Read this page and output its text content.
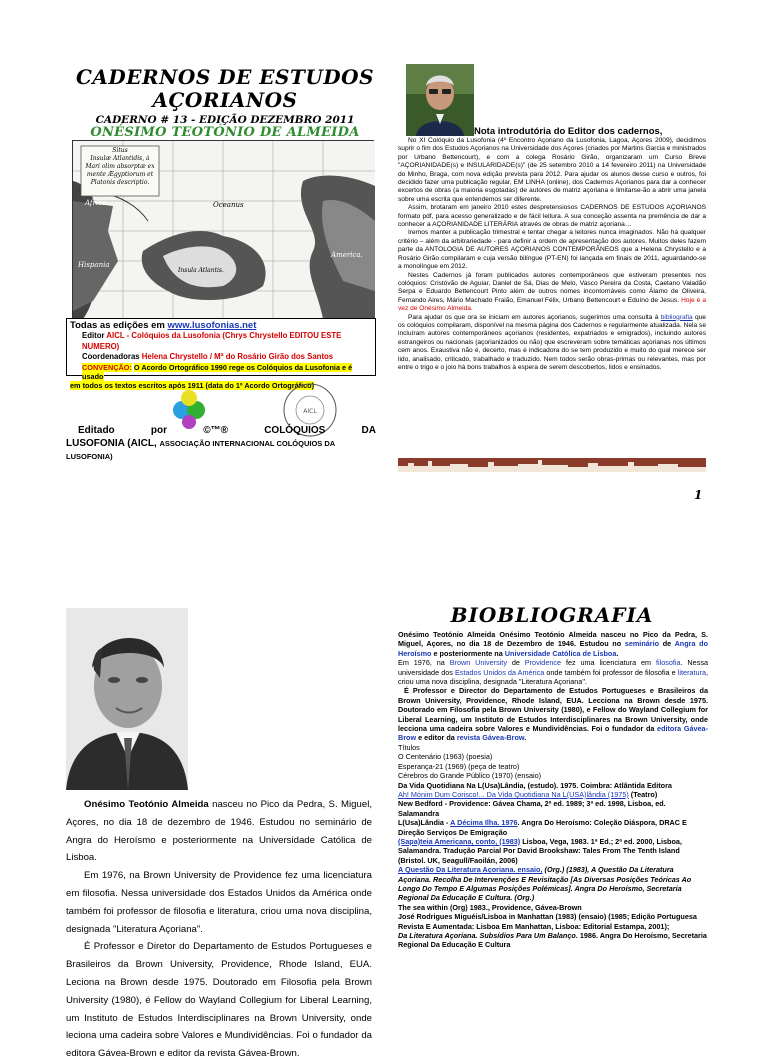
CADERNOS DE ESTUDOS
AÇORIANOS
CADERNO # 13 - EDIÇÃO DEZEMBRO 2011
ONÉSIMO TEOTÓNIO DE ALMEIDA
Situs
Insulæ Atlantidis, à
Mari olim absorptæ ex
mente Ægyptiorum et
Platonis descriptio.
Africa.
Hispania
Insula Atlantis.
Oceanus
America.
Todas as edições em www.lusofonias.net
Editor AICL - Colóquios da Lusofonia (Chrys Chrystello EDITOU ESTE NUMERO)
Coordenadoras Helena Chrystello / Mª do Rosário Girão dos Santos
CONVENÇÃO: O Acordo Ortográfico 1990 rege os Colóquios da Lusofonia e é usado
em todos os textos escritos após 1911 (data do 1º Acordo Ortográfico)
AICL
Editado	por	©™®	COLÓQUIOS	DA
LUSOFONIA (AICL, ASSOCIAÇÃO INTERNACIONAL COLÓQUIOS DA LUSOFONIA)
Nota introdutória do Editor dos cadernos,

No XI Colóquio da Lusofonia (4º Encontro Açoriano da Lusofonia, Lagoa, Açores 2009), decidimos suprir o fim dos Estudos Açorianos na Universidade dos Açores (criados por Martins Garcia e ministrados por Urbano Bettencourt), e com a colega Rosário Girão, organizaram um Curso Breve "AÇORIANIDADE(s) e INSULARIDADE(s)" (de 25 setembro 2010 a 14 fevereiro 2011) na Universidade do Minho, Braga, com nova edição prevista para 2012. Para ajudar os alunos desse curso e outros, foi decidido fazer uma publicação regular, EM LINHA (online), dos Cadernos Açorianos para dar a conhecer excertos de obras (a maioria esgotadas) de autores de matriz açoriana e limitarse-ão a abrir uma janela sobre uma escrita que entendemos ser diferente.

Assim, brotaram em janeiro 2010 estes despretensiosos CADERNOS DE ESTUDOS AÇORIANOS formato pdf, para acesso generalizado e de fácil leitura. A sua conceção assenta na premência de dar a conhecer a AÇORIANIDADE LITERÁRIA através de obras de matriz açoriana…

Iremos manter a publicação trimestral e tentar chegar a leitores nunca imaginados. Não há qualquer critério – além da arbitrariedade - para definir a ordem de apresentação dos autores. Muitos deles fazem parte da ANTOLOGIA DE AUTORES AÇORIANOS CONTEMPORÂNEOS que a Helena Chrystello e a Rosário Girão compilaram e cuja versão bilíngue (PT-EN) foi lançada em finais de 2011, aguardando-se a monolíngue em 2012.

Nestes Cadernos já foram publicados autores contemporâneos que estiveram presentes nos colóquios: Cristóvão de Aguiar, Daniel de Sá, Dias de Melo, Vasco Pereira da Costa, Caetano Valadão Serpa e Eduardo Bettencourt Pinto além de outros nomes incontornáveis como Álamo de Oliveira, Fernando Aires, Mário Machado Fraião, Emanuel Félix, Urbano Bettencourt e Eduíno de Jesus. Hoje é a vez de Onésimo Almeida.

Para ajudar os que ora se iniciam em autores açorianos, sugerimos uma consulta à bibliografia que os colóquios compilaram, disponível na mesma página dos Cadernos e regularmente atualizada. Nela se incluíram autores contemporâneos açorianos (residentes, expatriados e emigrados), incluindo autores estrangeiros ou nacionais (açorianizados ou não) que escreveram sobre temáticas açorianas nos últimos cem anos. Exaustiva não é, decerto, mas é indicadora do se tem produzido e muito do qual merece ser lido, analisado, criticado, trabalhado e traduzido. Nem todos serão obras-primas ou relevantes, mas por entre o trigo e o joio há bons trabalhos à espera de serem descobertos, lidos e ensinados.

1

Onésimo Teotónio Almeida nasceu no Pico da Pedra, S. Miguel, Açores, no dia 18 de dezembro de 1946. Estudou no seminário de Angra do Heroísmo e posteriormente na Universidade Católica de Lisboa.

Em 1976, na Brown University de Providence fez uma licenciatura em filosofia. Nessa universidade dos Estados Unidos da América onde também foi professor de filosofia e literatura, criou uma nova disciplina, designada "Literatura Açoriana".

É Professor e Diretor do Departamento de Estudos Portugueses e Brasileiros da Brown University, Providence, Rhode Island, EUA. Leciona na Brown desde 1975. Doutorado em Filosofia pela Brown University (1980), é Fellow do Wayland Collegium for Liberal Learning, um Instituto de Estudos Interdisciplinares na Brown University, onde leciona uma cadeira sobre Valores e Mundividências. Foi o fundador da editora Gávea-Brown e editor da revista Gávea-Brown.

BIOBLIOGRAFIA
Onésimo Teotónio Almeida Onésimo Teotónio Almeida nasceu no Pico da Pedra, S. Miguel, Açores, no dia 18 de Dezembro de 1946. Estudou no seminário de Angra do Heroísmo e posteriormente na Universidade Católica de Lisboa.
Em 1976, na Brown University de Providence fez uma licenciatura em filosofia. Nessa universidade dos Estados Unidos da América onde também foi professor de filosofia e literatura, criou uma nova disciplina, designada "Literatura Açoriana".
É Professor e Director do Departamento de Estudos Portugueses e Brasileiros da Brown University, Providence, Rhode Island, EUA. Lecciona na Brown desde 1975. Doutorado em Filosofia pela Brown University (1980), e Fellow do Wayland Collegium for Liberal Learning, um Instituto de Estudos Interdisciplinares na Brown University, onde lecciona uma cadeira sobre Valores e Mundividências. Foi o fundador da editora Gávea-Brow e editor da revista Gávea-Brow.
Títulos
O Centenário (1963) (poesia)
Esperança-21 (1969) (peça de teatro)
Cérebros do Grande Público (1970) (ensaio)
Da Vida Quotidiana Na L(Usa)Lândia, (estudo). 1975. Coimbra: Atlântida Editora
Ah! Mónim Dum Corisco!... Da Vida Quotidiana Na L(USA)lândia (1975) (Teatro)
New Bedford - Providence: Gávea Chama, 2ª ed. 1989; 3ª ed. 1998, Lisboa, ed. Salamandra
L(Usa)Lândia - A Décima Ilha. 1976. Angra Do Heroísmo: Coleção Diáspora, DRAC E Direção Serviços De Emigração
(Sapa)teia Americana, conto, (1983) Lisboa, Vega, 1983. 1ª Ed.; 2ª ed. 2000, Lisboa, Salamandra. Tradução Parcial Por David Brookshaw: Tales From The Tenth Island (Bristol. UK, Seagull/Faoilán, 2006)
A Questão Da Literatura Açoriana. ensaio, (Org.) (1983), A Questão Da Literatura Açoriana. Recolha De Intervenções E Revisitação [As Diversas Posições Teóricas Ao Longo Do Tempo E Algumas Posições Polémicas]. Angra Do Heroísmo, Secretaria Regional Da Educação E Cultura. (Org.)
The sea within (Org) 1983., Providence, Gávea-Brown
José Rodrigues Miguéis/Lisboa in Manhattan (1983) (ensaio) (1985; Edição Portuguesa Revista E Aumentada: Lisboa Em Manhattan, Lisboa: Editorial Estampa, 2001);
Da Literatura Açoriana. Subsídios Para Um Balanço. 1986. Angra Do Heroísmo, Secretaria Regional Da Educação E Cultura
